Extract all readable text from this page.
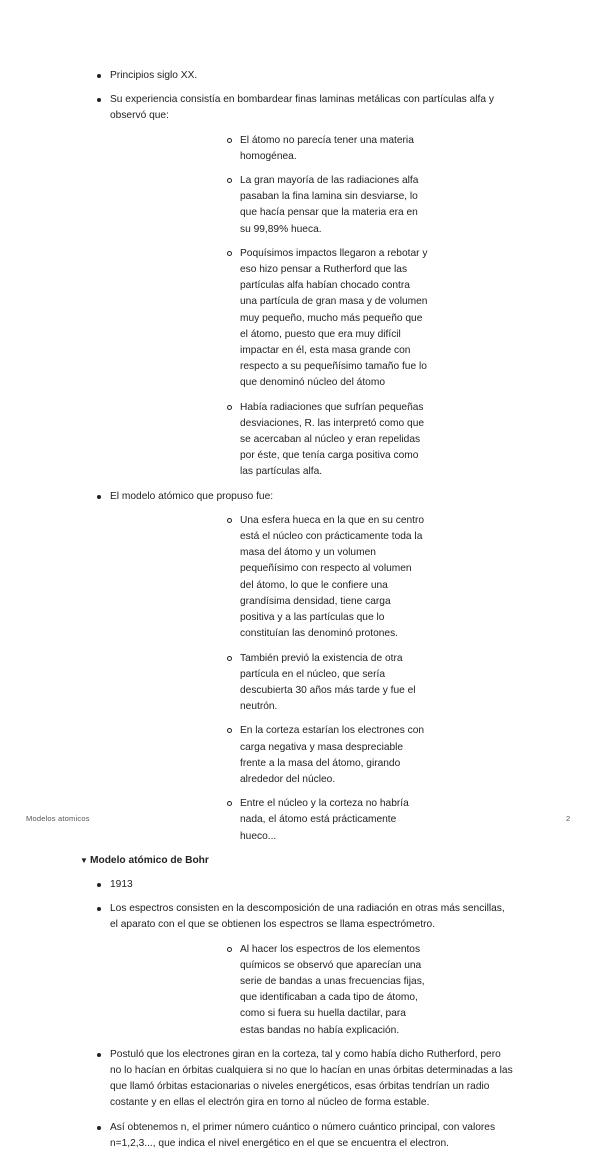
Principios siglo XX.
Su experiencia consistía en bombardear finas laminas metálicas con partículas alfa y observó que:
El átomo no parecía tener una materia homogénea.
La gran mayoría de las radiaciones alfa pasaban la fina lamina sin desviarse, lo que hacía pensar que la materia era en su 99,89% hueca.
Poquísimos impactos llegaron a rebotar y eso hizo pensar a Rutherford que las partículas alfa habían chocado contra una partícula de gran masa y de volumen muy pequeño, mucho más pequeño que el átomo, puesto que era muy difícil impactar en él, esta masa grande con respecto a su pequeñísimo tamaño fue lo que denominó núcleo del átomo
Había radiaciones que sufrían pequeñas desviaciones, R. las interpretó como que se acercaban al núcleo y eran repelidas por éste, que tenía carga positiva como las partículas alfa.
El modelo atómico que propuso fue:
Una esfera hueca en la que en su centro está el núcleo con prácticamente toda la masa del átomo y un volumen pequeñísimo con respecto al volumen del átomo, lo que le confiere una grandísima densidad, tiene carga positiva y a las partículas que lo constituían las denominó protones.
También previó la existencia de otra partícula en el núcleo, que sería descubierta 30 años más tarde y fue el neutrón.
En la corteza estarían los electrones con carga negativa y masa despreciable frente a la masa del átomo, girando alrededor del núcleo.
Entre el núcleo y la corteza no habría nada, el átomo está prácticamente hueco...
▼ Modelo atómico de Bohr
1913
Los espectros consisten en la descomposición de una radiación en otras más sencillas, el aparato con el que se obtienen los espectros se llama espectrómetro.
Al hacer los espectros de los elementos químicos se observó que aparecían una serie de bandas a unas frecuencias fijas, que identificaban a cada tipo de átomo, como si fuera su huella dactilar, para estas bandas no había explicación.
Postuló que los electrones giran en la corteza, tal y como había dicho Rutherford, pero no lo hacían en órbitas cualquiera si no que lo hacían en unas órbitas determinadas a las que llamó órbitas estacionarias o niveles energéticos, esas órbitas tendrían un radio costante y en ellas el electrón gira en torno al núcleo de forma estable.
Así obtenemos n, el primer número cuántico o número cuántico principal, con valores n=1,2,3..., que indica el nivel energético en el que se encuentra el electron.
Modelos atomicos	2
